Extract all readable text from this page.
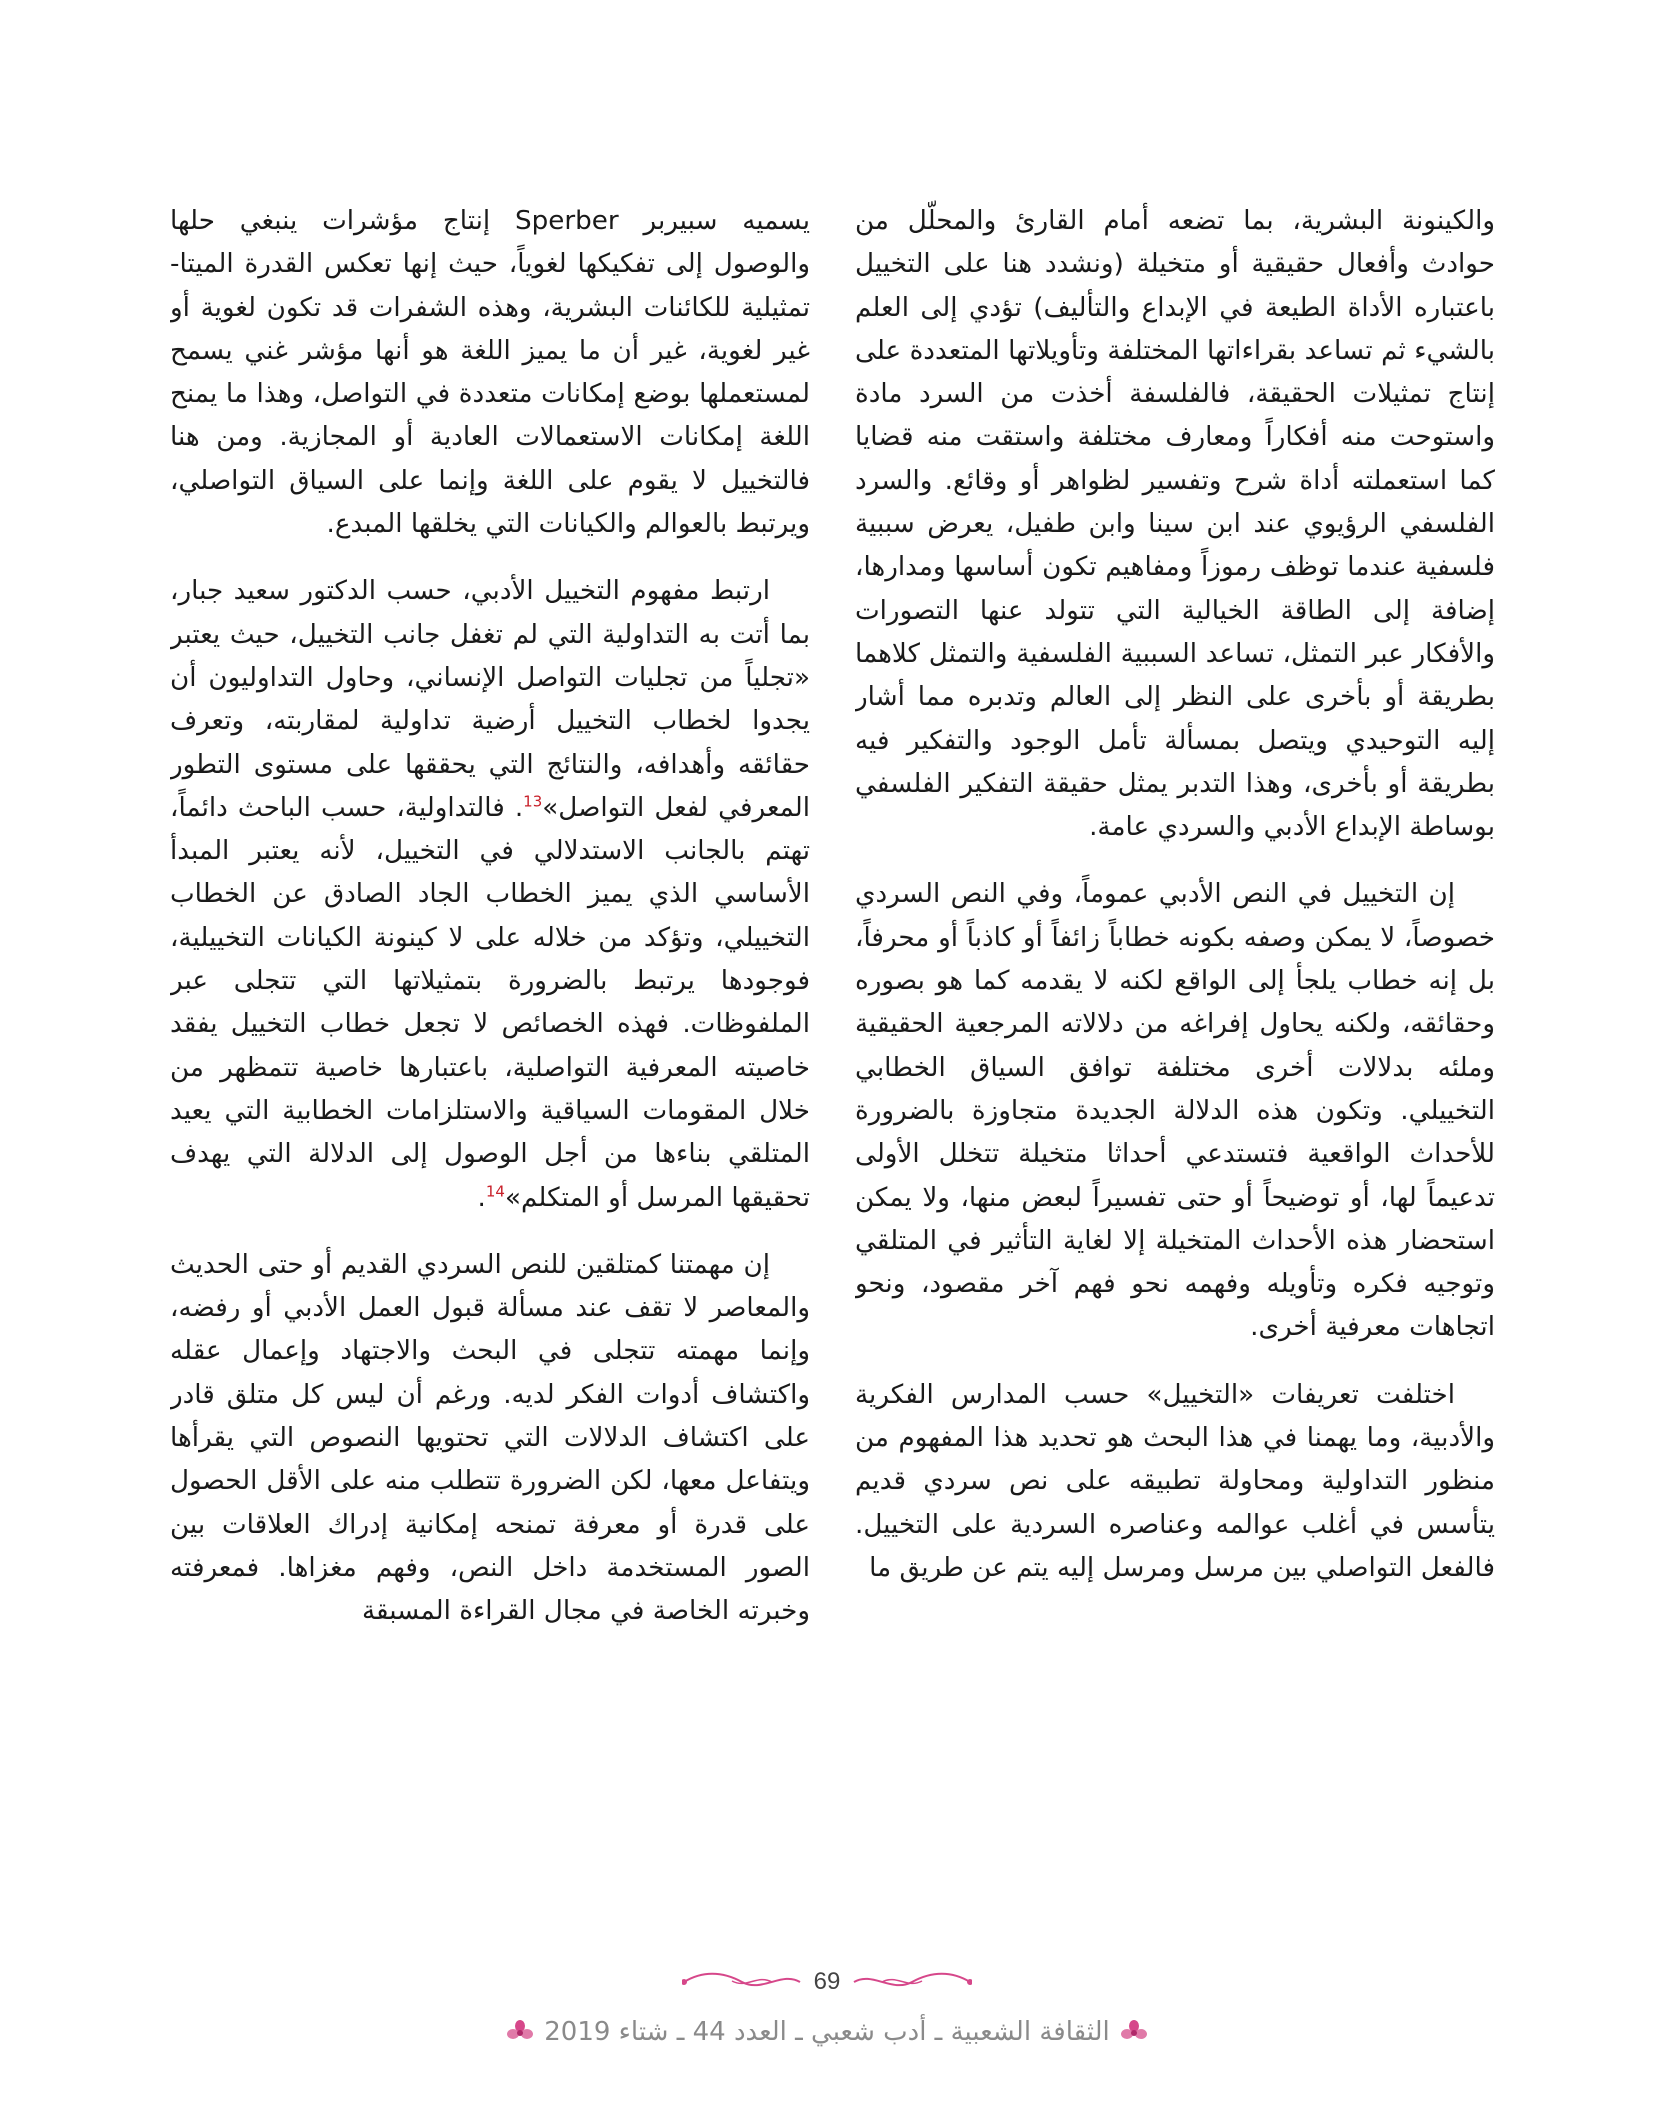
والكينونة البشرية، بما تضعه أمام القارئ والمحلّل من حوادث وأفعال حقيقية أو متخيلة (ونشدد هنا على التخييل باعتباره الأداة الطيعة في الإبداع والتأليف) تؤدي إلى العلم بالشيء ثم تساعد بقراءاتها المختلفة وتأويلاتها المتعددة على إنتاج تمثيلات الحقيقة، فالفلسفة أخذت من السرد مادة واستوحت منه أفكاراً ومعارف مختلفة واستقت منه قضايا كما استعملته أداة شرح وتفسير لظواهر أو وقائع. والسرد الفلسفي الرؤيوي عند ابن سينا وابن طفيل، يعرض سببية فلسفية عندما توظف رموزاً ومفاهيم تكون أساسها ومدارها، إضافة إلى الطاقة الخيالية التي تتولد عنها التصورات والأفكار عبر التمثل، تساعد السببية الفلسفية والتمثل كلاهما بطريقة أو بأخرى على النظر إلى العالم وتدبره مما أشار إليه التوحيدي ويتصل بمسألة تأمل الوجود والتفكير فيه بطريقة أو بأخرى، وهذا التدبر يمثل حقيقة التفكير الفلسفي بوساطة الإبداع الأدبي والسردي عامة.

إن التخييل في النص الأدبي عموماً، وفي النص السردي خصوصاً، لا يمكن وصفه بكونه خطاباً زائفاً أو كاذباً أو محرفاً، بل إنه خطاب يلجأ إلى الواقع لكنه لا يقدمه كما هو بصوره وحقائقه، ولكنه يحاول إفراغه من دلالاته المرجعية الحقيقية وملئه بدلالات أخرى مختلفة توافق السياق الخطابي التخييلي. وتكون هذه الدلالة الجديدة متجاوزة بالضرورة للأحداث الواقعية فتستدعي أحداثا متخيلة تتخلل الأولى تدعيماً لها، أو توضيحاً أو حتى تفسيراً لبعض منها، ولا يمكن استحضار هذه الأحداث المتخيلة إلا لغاية التأثير في المتلقي وتوجيه فكره وتأويله وفهمه نحو فهم آخر مقصود، ونحو اتجاهات معرفية أخرى.

اختلفت تعريفات «التخييل» حسب المدارس الفكرية والأدبية، وما يهمنا في هذا البحث هو تحديد هذا المفهوم من منظور التداولية ومحاولة تطبيقه على نص سردي قديم يتأسس في أغلب عوالمه وعناصره السردية على التخييل. فالفعل التواصلي بين مرسل ومرسل إليه يتم عن طريق ما

يسميه سبيربر Sperber إنتاج مؤشرات ينبغي حلها والوصول إلى تفكيكها لغوياً، حيث إنها تعكس القدرة الميتا-تمثيلية للكائنات البشرية، وهذه الشفرات قد تكون لغوية أو غير لغوية، غير أن ما يميز اللغة هو أنها مؤشر غني يسمح لمستعملها بوضع إمكانات متعددة في التواصل، وهذا ما يمنح اللغة إمكانات الاستعمالات العادية أو المجازية. ومن هنا فالتخييل لا يقوم على اللغة وإنما على السياق التواصلي، ويرتبط بالعوالم والكيانات التي يخلقها المبدع.

ارتبط مفهوم التخييل الأدبي، حسب الدكتور سعيد جبار، بما أتت به التداولية التي لم تغفل جانب التخييل، حيث يعتبر «تجلياً من تجليات التواصل الإنساني، وحاول التداوليون أن يجدوا لخطاب التخييل أرضية تداولية لمقاربته، وتعرف حقائقه وأهدافه، والنتائج التي يحققها على مستوى التطور المعرفي لفعل التواصل»$^{13}$. فالتداولية، حسب الباحث دائماً، تهتم بالجانب الاستدلالي في التخييل، لأنه يعتبر المبدأ الأساسي الذي يميز الخطاب الجاد الصادق عن الخطاب التخييلي، وتؤكد من خلاله على لا كينونة الكيانات التخييلية، فوجودها يرتبط بالضرورة بتمثيلاتها التي تتجلى عبر الملفوظات. فهذه الخصائص لا تجعل خطاب التخييل يفقد خاصيته المعرفية التواصلية، باعتبارها خاصية تتمظهر من خلال المقومات السياقية والاستلزامات الخطابية التي يعيد المتلقي بناءها من أجل الوصول إلى الدلالة التي يهدف تحقيقها المرسل أو المتكلم»$^{14}$.

إن مهمتنا كمتلقين للنص السردي القديم أو حتى الحديث والمعاصر لا تقف عند مسألة قبول العمل الأدبي أو رفضه، وإنما مهمته تتجلى في البحث والاجتهاد وإعمال عقله واكتشاف أدوات الفكر لديه. ورغم أن ليس كل متلق قادر على اكتشاف الدلالات التي تحتويها النصوص التي يقرأها ويتفاعل معها، لكن الضرورة تتطلب منه على الأقل الحصول على قدرة أو معرفة تمنحه إمكانية إدراك العلاقات بين الصور المستخدمة داخل النص، وفهم مغزاها. فمعرفته وخبرته الخاصة في مجال القراءة المسبقة

69
الثقافة الشعبية ـ أدب شعبي ـ العدد 44 ـ شتاء 2019
